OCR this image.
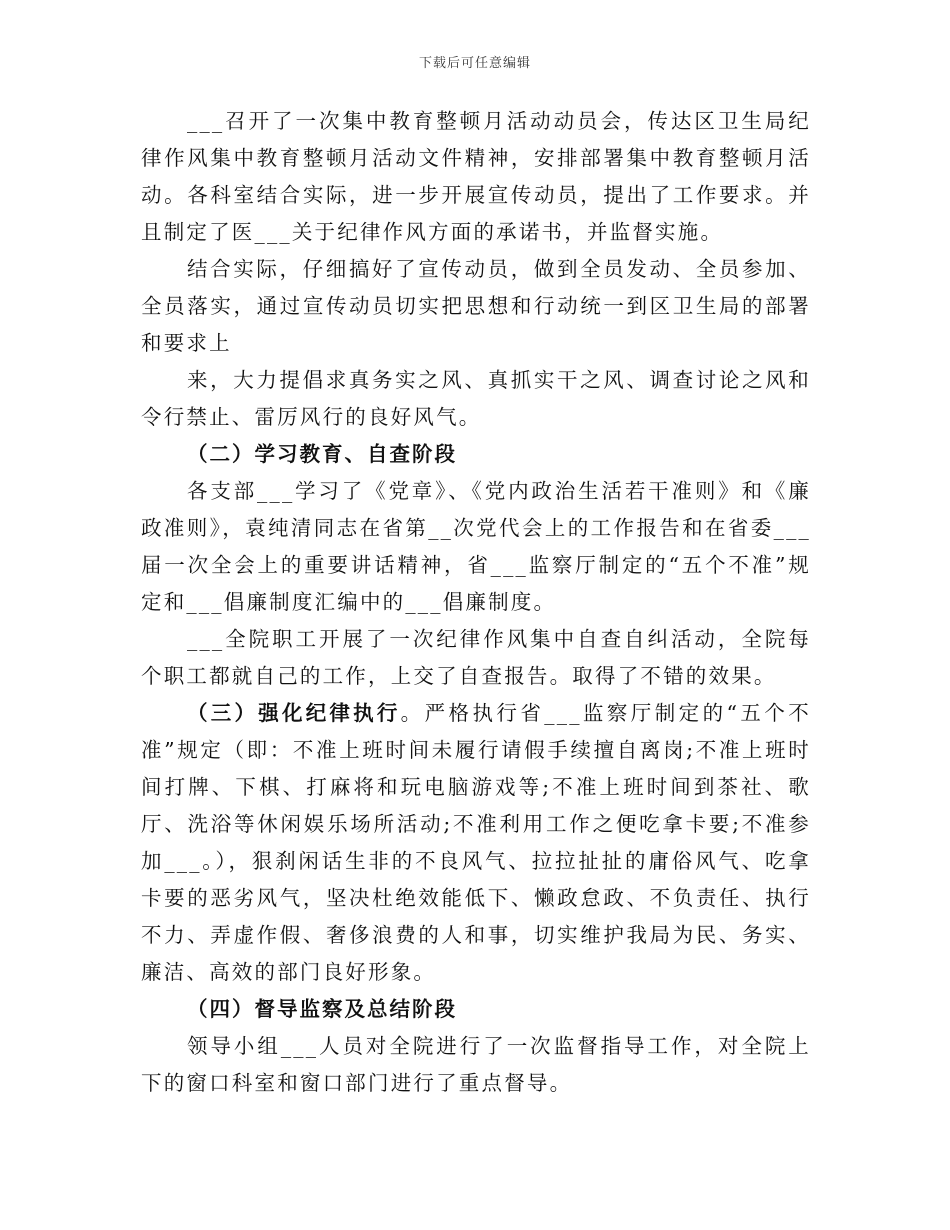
下载后可任意编辑

___召开了一次集中教育整顿月活动动员会，传达区卫生局纪律作风集中教育整顿月活动文件精神，安排部署集中教育整顿月活动。各科室结合实际，进一步开展宣传动员，提出了工作要求。并且制定了医___关于纪律作风方面的承诺书，并监督实施。

结合实际，仔细搞好了宣传动员，做到全员发动、全员参加、全员落实，通过宣传动员切实把思想和行动统一到区卫生局的部署和要求上

来，大力提倡求真务实之风、真抓实干之风、调查讨论之风和令行禁止、雷厉风行的良好风气。

（二）学习教育、自查阶段

各支部___学习了《党章》、《党内政治生活若干准则》和《廉政准则》，袁纯清同志在省第__次党代会上的工作报告和在省委___届一次全会上的重要讲话精神，省___监察厅制定的“五个不准”规定和___倡廉制度汇编中的___倡廉制度。

___全院职工开展了一次纪律作风集中自查自纠活动，全院每个职工都就自己的工作，上交了自查报告。取得了不错的效果。

（三）强化纪律执行。严格执行省___监察厅制定的“五个不准”规定（即：不准上班时间未履行请假手续擅自离岗;不准上班时间打牌、下棋、打麻将和玩电脑游戏等;不准上班时间到茶社、歌厅、洗浴等休闲娱乐场所活动;不准利用工作之便吃拿卡要;不准参加___。），狠刹闲话生非的不良风气、拉拉扯扯的庸俗风气、吃拿卡要的恶劣风气，坚决杜绝效能低下、懒政怠政、不负责任、执行不力、弄虚作假、奢侈浪费的人和事，切实维护我局为民、务实、廉洁、高效的部门良好形象。

（四）督导监察及总结阶段

领导小组___人员对全院进行了一次监督指导工作，对全院上下的窗口科室和窗口部门进行了重点督导。
